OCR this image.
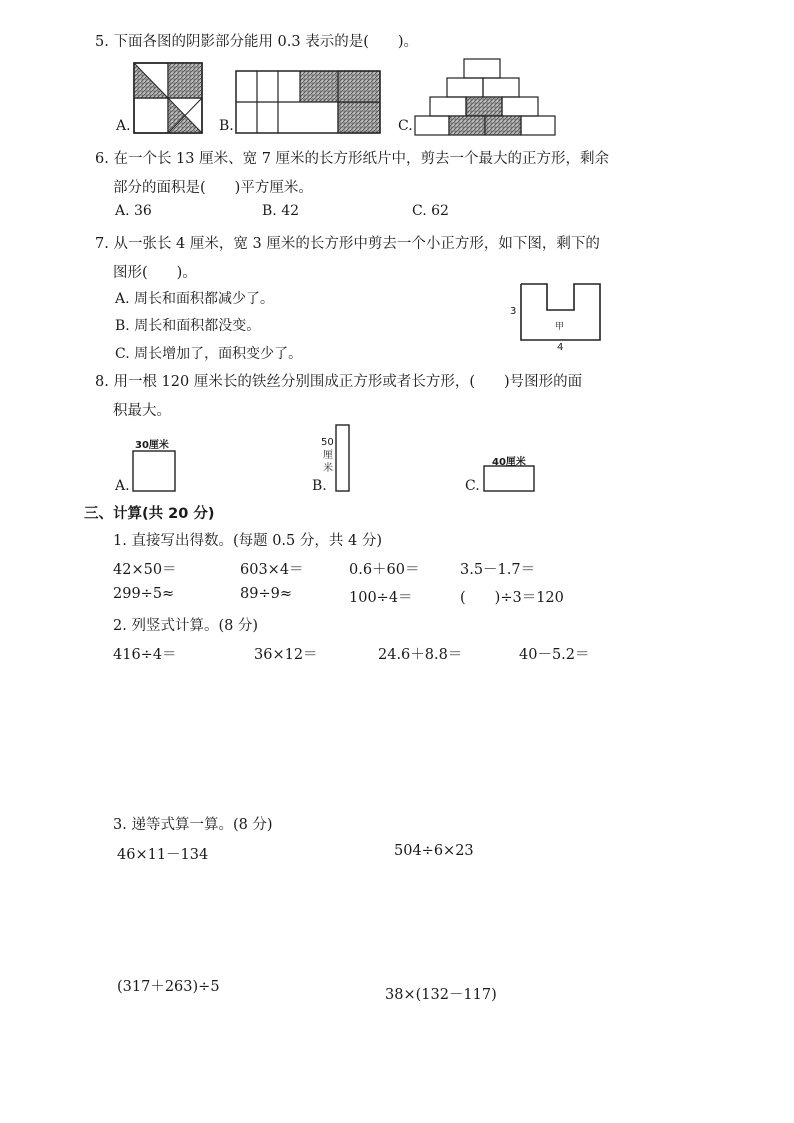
5. 下面各图的阴影部分能用 0.3 表示的是(　　)。
A.	B.	C.
6. 在一个长 13 厘米、宽 7 厘米的长方形纸片中，剪去一个最大的正方形，剩余
部分的面积是(　　)平方厘米。
A. 36	B. 42	C. 62
7. 从一张长 4 厘米，宽 3 厘米的长方形中剪去一个小正方形，如下图，剩下的
图形(　　)。
A. 周长和面积都减少了。
B. 周长和面积都没变。
C. 周长增加了，面积变少了。
3
4
甲
8. 用一根 120 厘米长的铁丝分别围成正方形或者长方形，(　　)号图形的面
积最大。
A.
30厘米
B.
50
厘
米
C.
40厘米
三、计算(共 20 分)
1. 直接写出得数。(每题 0.5 分，共 4 分)
42×50＝	603×4＝	0.6＋60＝	3.5－1.7＝
299÷5≈	89÷9≈	100÷4＝	(　　)÷3＝120
2. 列竖式计算。(8 分)
416÷4＝	36×12＝	24.6＋8.8＝	40－5.2＝
3. 递等式算一算。(8 分)
46×11－134	504÷6×23
(317＋263)÷5	38×(132－117)
